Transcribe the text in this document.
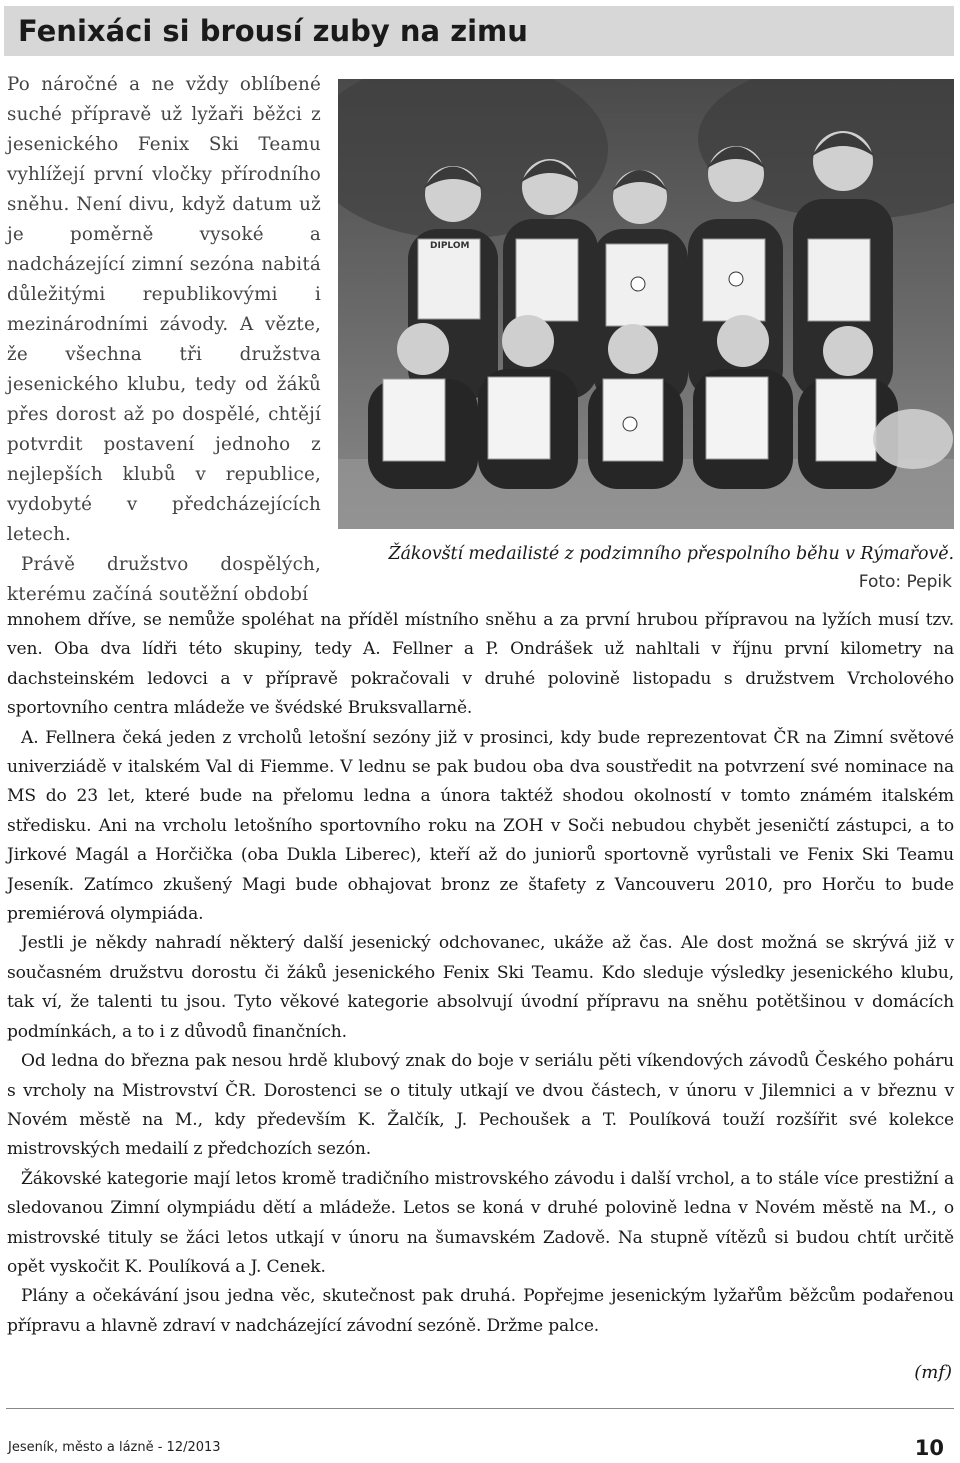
Fenixáci si brousí zuby na zimu

Po náročné a ne vždy oblíbené suché přípravě už lyžaři běžci z jesenického Fenix Ski Teamu vyhlížejí první vločky přírodního sněhu. Není divu, když datum už je poměrně vysoké a nadcházející zimní sezóna nabitá důležitými republikovými i mezinárodními závody. A vězte, že všechna tři družstva jesenického klubu, tedy od žáků přes dorost až po dospělé, chtějí potvrdit postavení jednoho z nejlepších klubů v republice, vydobyté v předcházejících letech.

Právě družstvo dospělých, kterému začíná soutěžní období

DIPLOM
Žákovští medailisté z podzimního přespolního běhu v Rýmařově.
Foto: Pepik

mnohem dříve, se nemůže spoléhat na příděl místního sněhu a za první hrubou přípravou na lyžích musí tzv. ven. Oba dva lídři této skupiny, tedy A. Fellner a P. Ondrášek už nahltali v říjnu první kilometry na dachsteinském ledovci a v přípravě pokračovali v druhé polovině listopadu s družstvem Vrcholového sportovního centra mládeže ve švédské Bruksvallarně.

A. Fellnera čeká jeden z vrcholů letošní sezóny již v prosinci, kdy bude reprezentovat ČR na Zimní světové univerziádě v italském Val di Fiemme. V lednu se pak budou oba dva soustředit na potvrzení své nominace na MS do 23 let, které bude na přelomu ledna a února taktéž shodou okolností v tomto známém italském středisku. Ani na vrcholu letošního sportovního roku na ZOH v Soči nebudou chybět jeseničtí zástupci, a to Jirkové Magál a Horčička (oba Dukla Liberec), kteří až do juniorů sportovně vyrůstali ve Fenix Ski Teamu Jeseník. Zatímco zkušený Magi bude obhajovat bronz ze štafety z Vancouveru 2010, pro Horču to bude premiérová olympiáda.

Jestli je někdy nahradí některý další jesenický odchovanec, ukáže až čas. Ale dost možná se skrývá již v současném družstvu dorostu či žáků jesenického Fenix Ski Teamu. Kdo sleduje výsledky jesenického klubu, tak ví, že talenti tu jsou. Tyto věkové kategorie absolvují úvodní přípravu na sněhu potětšinou v domácích podmínkách, a to i z důvodů finančních.

Od ledna do března pak nesou hrdě klubový znak do boje v seriálu pěti víkendových závodů Českého poháru s vrcholy na Mistrovství ČR. Dorostenci se o tituly utkají ve dvou částech, v únoru v Jilemnici a v březnu v Novém městě na M., kdy především K. Žalčík, J. Pechoušek a T. Poulíková touží rozšířit své kolekce mistrovských medailí z předchozích sezón.

Žákovské kategorie mají letos kromě tradičního mistrovského závodu i další vrchol, a to stále více prestižní a sledovanou Zimní olympiádu dětí a mládeže. Letos se koná v druhé polovině ledna v Novém městě na M., o mistrovské tituly se žáci letos utkají v únoru na šumavském Zadově. Na stupně vítězů si budou chtít určitě opět vyskočit K. Poulíková a J. Cenek.

Plány a očekávání jsou jedna věc, skutečnost pak druhá. Popřejme jesenickým lyžařům běžcům podařenou přípravu a hlavně zdraví v nadcházející závodní sezóně. Držme palce.

(mf)
Jeseník, město a lázně - 12/2013	10
